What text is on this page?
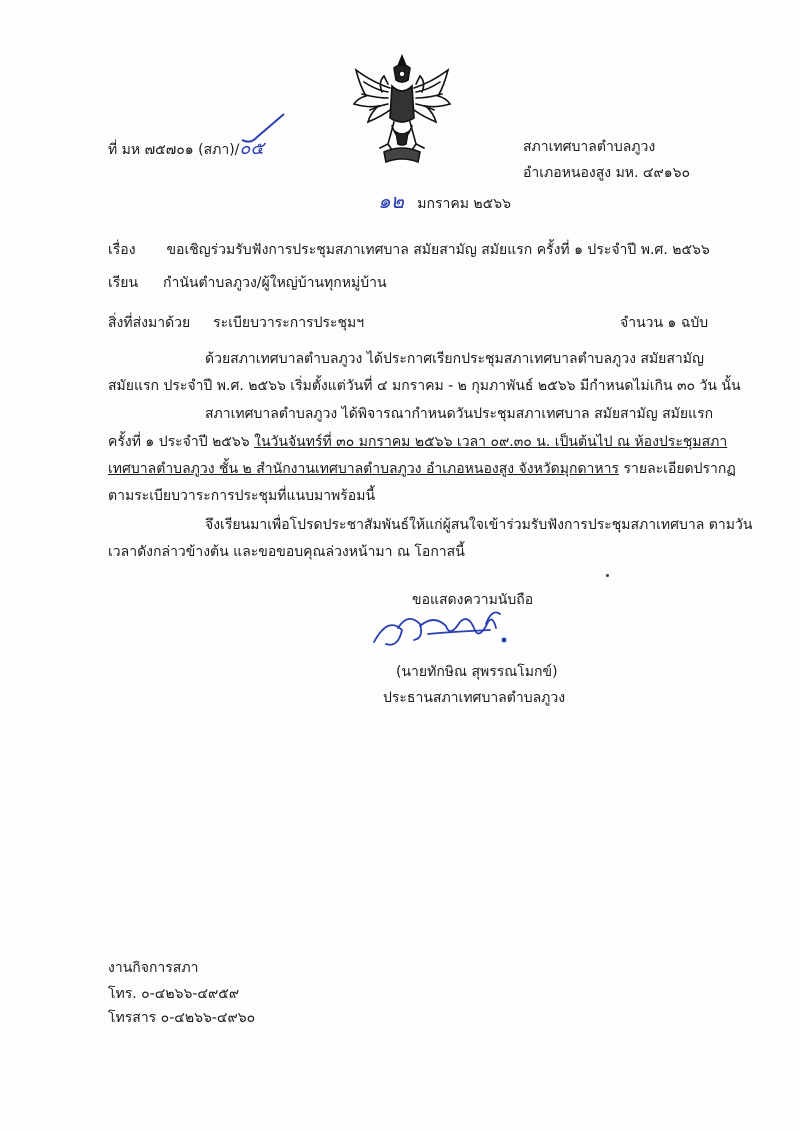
ที่ มห ๗๕๗๐๑ (สภา)/๐๕	สภาเทศบาลตำบลภูวง
อำเภอหนองสูง มห. ๔๙๑๖๐
๑๒ มกราคม ๒๕๖๖
เรื่อง ขอเชิญร่วมรับฟังการประชุมสภาเทศบาล สมัยสามัญ สมัยแรก ครั้งที่ ๑ ประจำปี พ.ศ. ๒๕๖๖
เรียน กำนันตำบลภูวง/ผู้ใหญ่บ้านทุกหมู่บ้าน
สิ่งที่ส่งมาด้วย ระเบียบวาระการประชุมฯ	จำนวน ๑ ฉบับ
ด้วยสภาเทศบาลตำบลภูวง ได้ประกาศเรียกประชุมสภาเทศบาลตำบลภูวง สมัยสามัญ
สมัยแรก ประจำปี พ.ศ. ๒๕๖๖ เริ่มตั้งแต่วันที่ ๔ มกราคม - ๒ กุมภาพันธ์ ๒๕๖๖ มีกำหนดไม่เกิน ๓๐ วัน นั้น
สภาเทศบาลตำบลภูวง ได้พิจารณากำหนดวันประชุมสภาเทศบาล สมัยสามัญ สมัยแรก
ครั้งที่ ๑ ประจำปี ๒๕๖๖ ในวันจันทร์ที่ ๓๐ มกราคม ๒๕๖๖ เวลา ๐๙.๓๐ น. เป็นต้นไป ณ ห้องประชุมสภา
เทศบาลตำบลภูวง ชั้น ๒ สำนักงานเทศบาลตำบลภูวง อำเภอหนองสูง จังหวัดมุกดาหาร รายละเอียดปรากฏ
ตามระเบียบวาระการประชุมที่แนบมาพร้อมนี้
จึงเรียนมาเพื่อโปรดประชาสัมพันธ์ให้แก่ผู้สนใจเข้าร่วมรับฟังการประชุมสภาเทศบาล ตามวัน
เวลาดังกล่าวข้างต้น และขอขอบคุณล่วงหน้ามา ณ โอกาสนี้
ขอแสดงความนับถือ
(นายทักษิณ สุพรรณโมกข์)
ประธานสภาเทศบาลตำบลภูวง
งานกิจการสภา
โทร. ๐-๔๒๖๖-๔๙๕๙
โทรสาร ๐-๔๒๖๖-๔๙๖๐
